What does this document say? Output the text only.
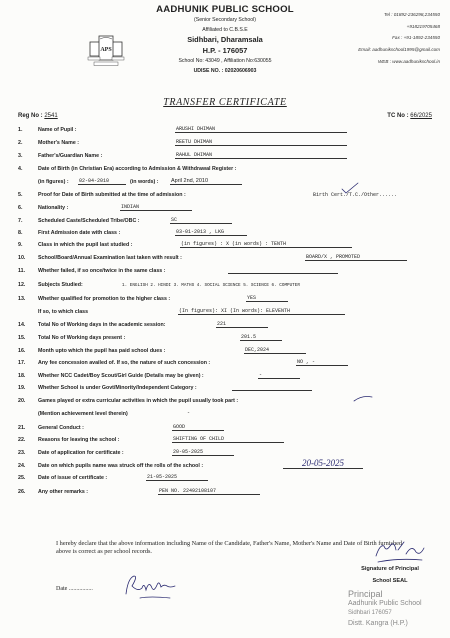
AADHUNIK PUBLIC SCHOOL
(Senior Secondary School)
Affiliated to C.B.S.E
Sidhbari, Dharamsala
H.P. - 176057
School No: 43049 , Affiliation No:630055
UDISE NO. : 02020606903
Tel : 01892-236298,234550
+918219705468
Fax : +91-1892-234550
Email: aadhunikschool1995@gmail.com
WEB : www.aadhunikschool.in
APS
TRANSFER CERTIFICATE
Reg No : 2541	TC No : 66/2025
1.	Name of Pupil :	ARUSHI DHIMAN
2.	Mother's Name :	REETU DHIMAN
3.	Father's/Guardian Name :	RAHUL DHIMAN
4.	Date of Birth (in Christian Era) according to Admission & Withdrawal Register :
(in figures) : 02-04-2010	(in words) : April 2nd, 2010
5.	Proof for Date of Birth submitted at the time of admission :	Birth Cert./T.C./Other......
6.	Nationality :	INDIAN
7.	Scheduled Caste/Scheduled Tribe/OBC :	SC
8.	First Admission date with class :	03-01-2013 , LKG
9.	Class in which the pupil last studied :	(in figures) : X (in words) : TENTH
10.	School/Board/Annual Examination last taken with result :	BOARD/X , PROMOTED
11.	Whether failed, if so once/twice in the same class :
12.	Subjects Studied:	1. ENGLISH 2. HINDI 3. MATHS 4. SOCIAL SCIENCE 5. SCIENCE 6. COMPUTER
13.	Whether qualified for promotion to the higher class :	YES
If so, to which class	(In figures): XI (In words): ELEVENTH
14.	Total No of Working days in the academic session:	221
15.	Total No of Working days present :	201.5
16.	Month upto which the pupil has paid school dues :	DEC,2024
17.	Any fee concession availed of. If so, the nature of such concession :	NO , -
18.	Whether NCC Cadet/Boy Scout/Girl Guide (Details may be given) :	-
19.	Whether School is under Govt/Minority/Independent Category :
20.	Games played or extra curricular activities in which the pupil usually took part :
(Mention achievement level therein)	-
21.	General Conduct :	GOOD
22.	Reasons for leaving the school :	SHIFTING OF CHILD
23.	Date of application for certificate :	20-05-2025
24.	Date on which pupils name was struck off the rolls of the school :	20-05-2025
25.	Date of issue of certificate :	21-05-2025
26.	Any other remarks :	PEN NO. 22492108107
I hereby declare that the above information including Name of the Candidate, Father's Name, Mother's Name and Date of Birth furnished above is correct as per school records.
Date ................
Signature of Principal
School SEAL
Principal
Aadhunik Public School
Sidhbari 176057
Distt. Kangra (H.P.)
